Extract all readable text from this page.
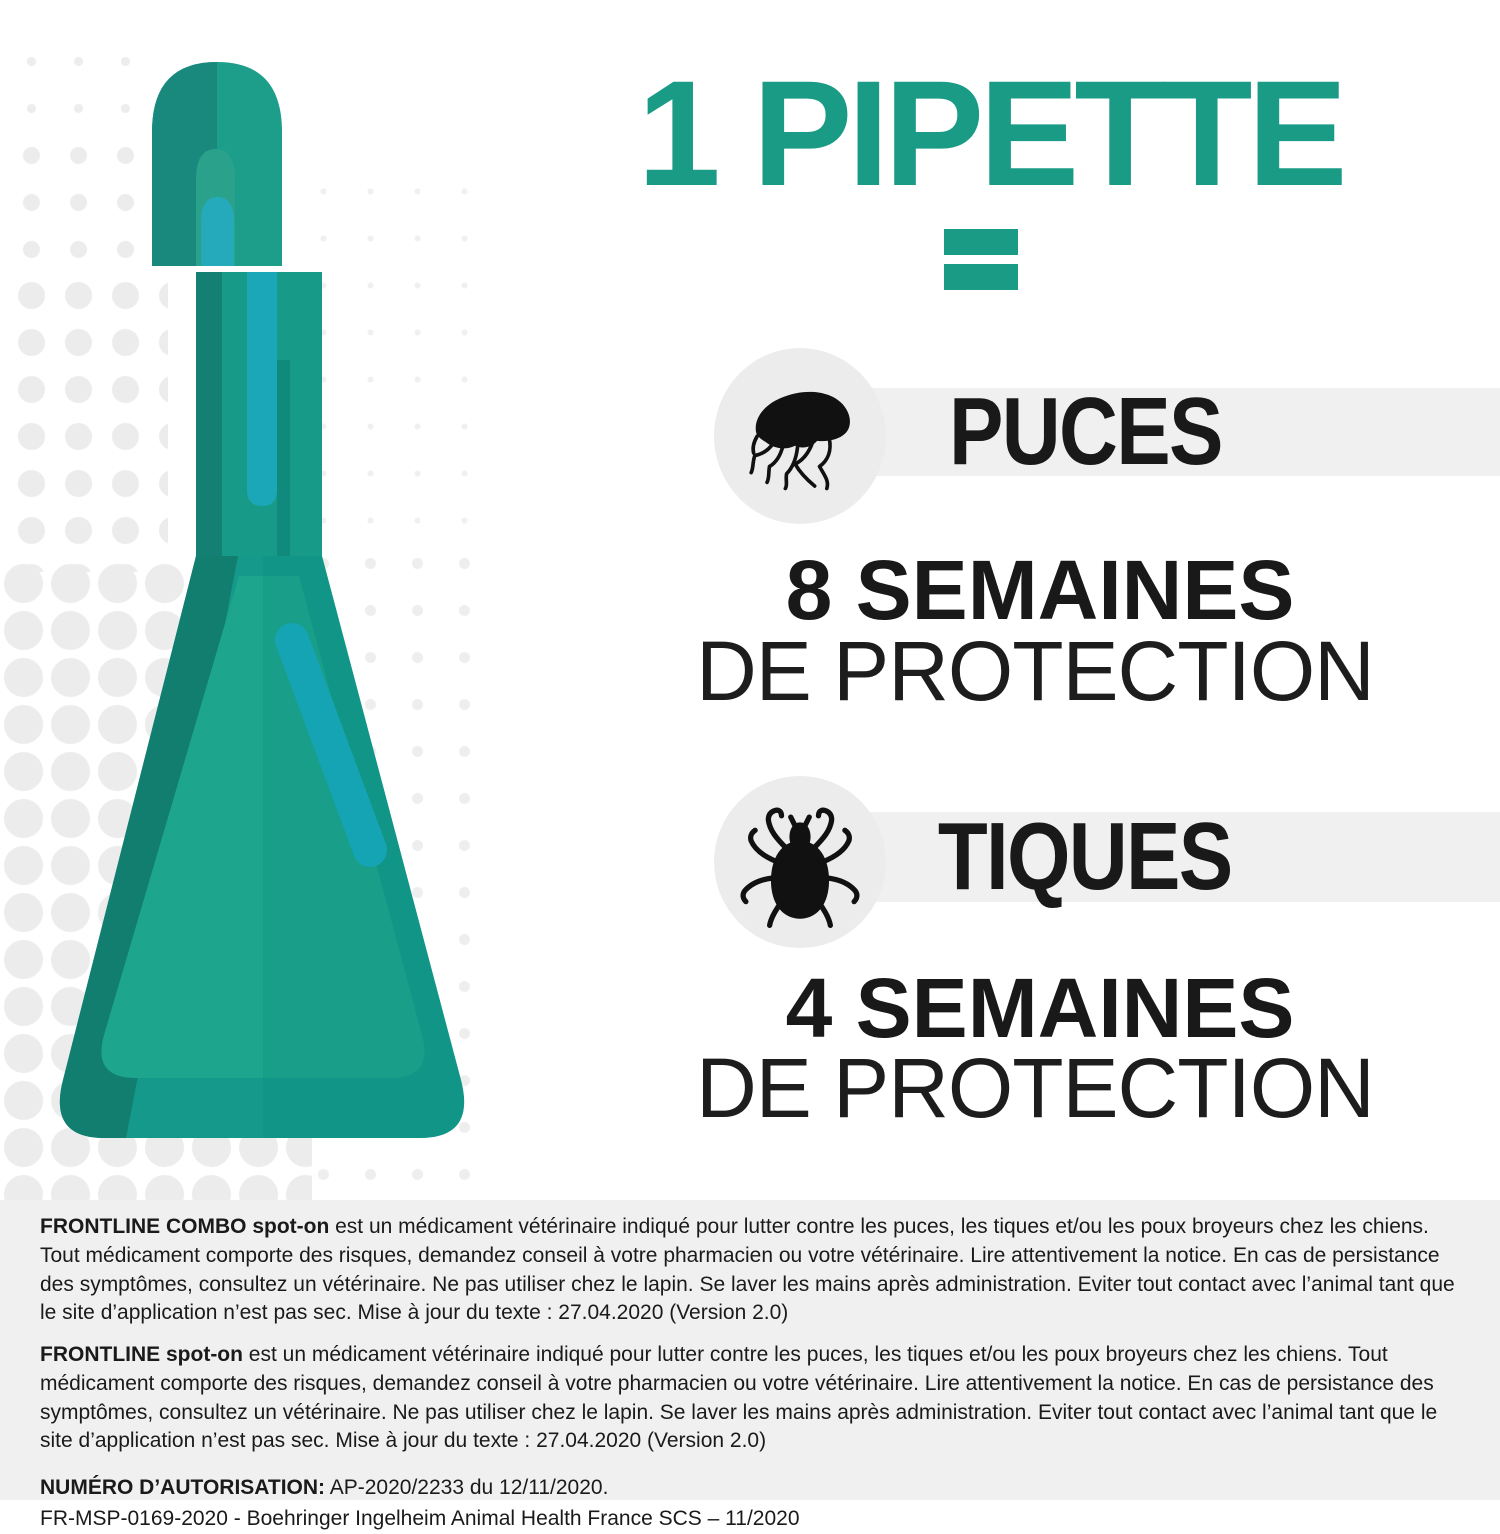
1 PIPETTE
PUCES
8 SEMAINES
DE PROTECTION
TIQUES
4 SEMAINES
DE PROTECTION

FRONTLINE COMBO spot-on est un médicament vétérinaire indiqué pour lutter contre les puces, les tiques et/ou les poux broyeurs chez les chiens. Tout médicament comporte des risques, demandez conseil à votre pharmacien ou votre vétérinaire. Lire attentivement la notice. En cas de persistance des symptômes, consultez un vétérinaire. Ne pas utiliser chez le lapin. Se laver les mains après administration. Eviter tout contact avec l’animal tant que le site d’application n’est pas sec. Mise à jour du texte : 27.04.2020 (Version 2.0)

FRONTLINE spot-on est un médicament vétérinaire indiqué pour lutter contre les puces, les tiques et/ou les poux broyeurs chez les chiens. Tout médicament comporte des risques, demandez conseil à votre pharmacien ou votre vétérinaire. Lire attentivement la notice. En cas de persistance des symptômes, consultez un vétérinaire. Ne pas utiliser chez le lapin. Se laver les mains après administration. Eviter tout contact avec l’animal tant que le site d’application n’est pas sec. Mise à jour du texte : 27.04.2020 (Version 2.0)

NUMÉRO D’AUTORISATION: AP-2020/2233 du 12/11/2020.

FR-MSP-0169-2020 - Boehringer Ingelheim Animal Health France SCS – 11/2020
